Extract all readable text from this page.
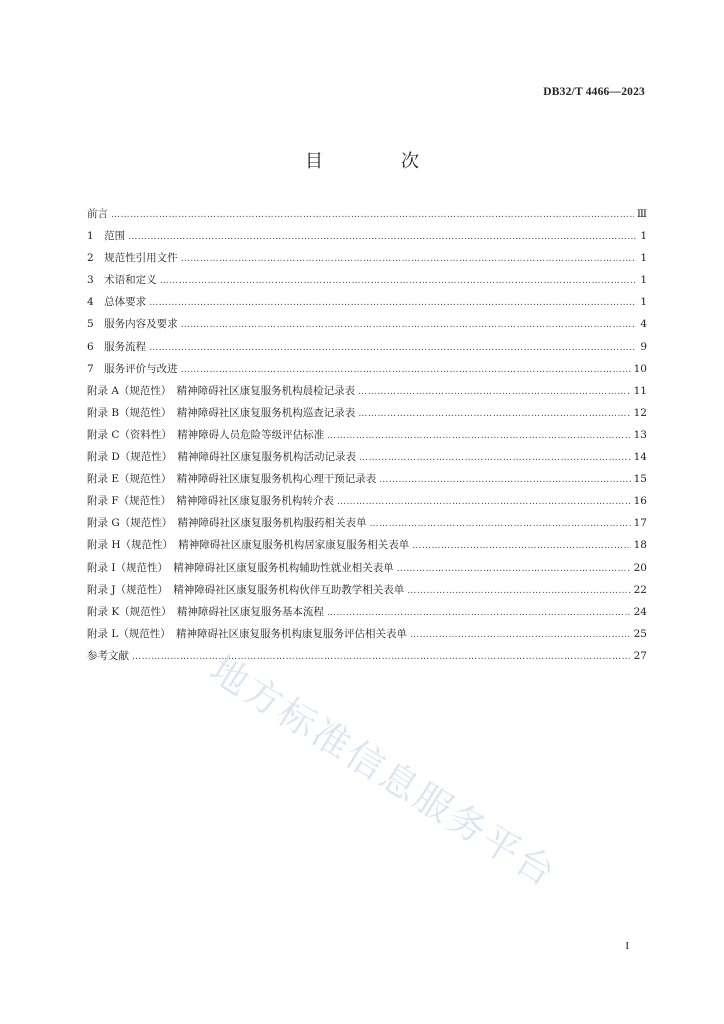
DB32/T 4466—2023
目　次
前言 …………………………………………………………………………………………………………………………………………………………	Ⅲ
1　范围 …………………………………………………………………………………………………………………………………………………………	1
2　规范性引用文件 …………………………………………………………………………………………………………………………………………………………	1
3　术语和定义 …………………………………………………………………………………………………………………………………………………………	1
4　总体要求 …………………………………………………………………………………………………………………………………………………………	1
5　服务内容及要求 …………………………………………………………………………………………………………………………………………………………	4
6　服务流程 …………………………………………………………………………………………………………………………………………………………	9
7　服务评价与改进 …………………………………………………………………………………………………………………………………………………………	10
附录 A（规范性）　精神障碍社区康复服务机构晨检记录表 …………………………………………………………………………………………………………………………………………………………	11
附录 B（规范性）　精神障碍社区康复服务机构巡查记录表 …………………………………………………………………………………………………………………………………………………………	12
附录 C（资料性）　精神障碍人员危险等级评估标准 …………………………………………………………………………………………………………………………………………………………	13
附录 D（规范性）　精神障碍社区康复服务机构活动记录表 …………………………………………………………………………………………………………………………………………………………	14
附录 E（规范性）　精神障碍社区康复服务机构心理干预记录表 …………………………………………………………………………………………………………………………………………………………	15
附录 F（规范性）　精神障碍社区康复服务机构转介表 …………………………………………………………………………………………………………………………………………………………	16
附录 G（规范性）　精神障碍社区康复服务机构服药相关表单 …………………………………………………………………………………………………………………………………………………………	17
附录 H（规范性）　精神障碍社区康复服务机构居家康复服务相关表单 …………………………………………………………………………………………………………………………………………………………	18
附录 I（规范性）　精神障碍社区康复服务机构辅助性就业相关表单 …………………………………………………………………………………………………………………………………………………………	20
附录 J（规范性）　精神障碍社区康复服务机构伙伴互助教学相关表单 …………………………………………………………………………………………………………………………………………………………	22
附录 K（规范性）　精神障碍社区康复服务基本流程 …………………………………………………………………………………………………………………………………………………………	24
附录 L（规范性）　精神障碍社区康复服务机构康复服务评估相关表单 …………………………………………………………………………………………………………………………………………………………	25
参考文献 …………………………………………………………………………………………………………………………………………………………	27
地方标准信息服务平台
I
